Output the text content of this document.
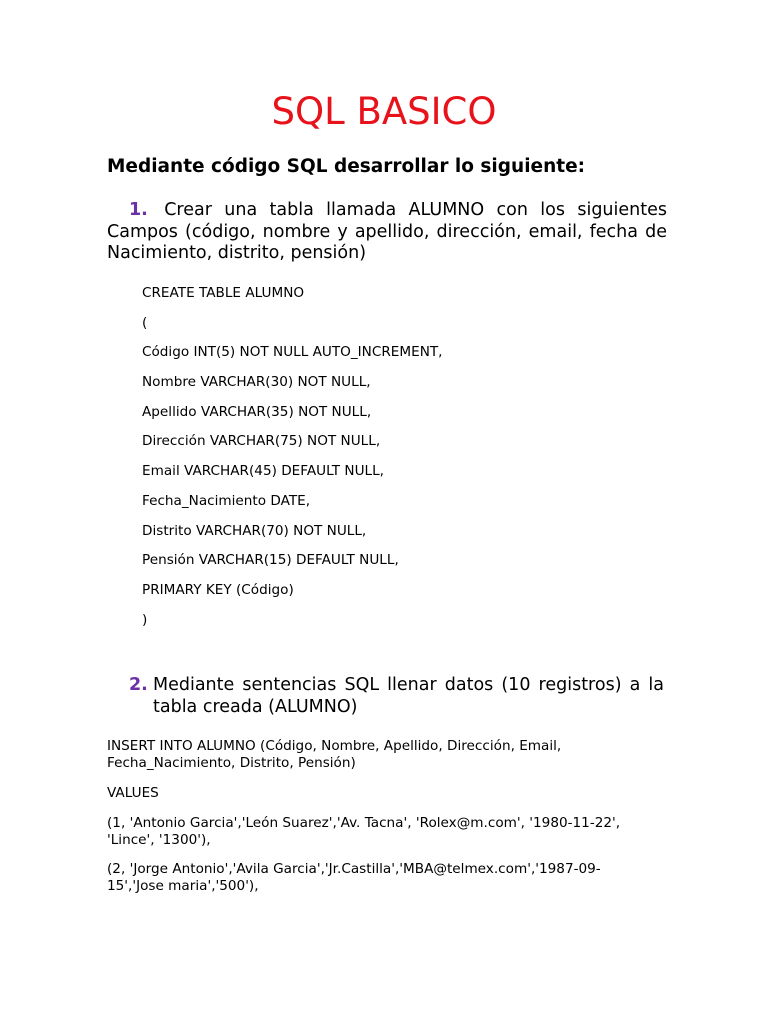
SQL BASICO
Mediante código SQL desarrollar lo siguiente:
1. Crear una tabla llamada ALUMNO con los siguientes Campos (código, nombre y apellido, dirección, email, fecha de Nacimiento, distrito, pensión)
CREATE TABLE ALUMNO
(
Código INT(5) NOT NULL AUTO_INCREMENT,
Nombre VARCHAR(30) NOT NULL,
Apellido VARCHAR(35) NOT NULL,
Dirección VARCHAR(75) NOT NULL,
Email VARCHAR(45) DEFAULT NULL,
Fecha_Nacimiento DATE,
Distrito VARCHAR(70) NOT NULL,
Pensión VARCHAR(15) DEFAULT NULL,
PRIMARY KEY (Código)
)
2. Mediante sentencias SQL llenar datos (10 registros) a la tabla creada (ALUMNO)
INSERT INTO ALUMNO (Código, Nombre, Apellido, Dirección, Email, Fecha_Nacimiento, Distrito, Pensión)
VALUES
(1, 'Antonio Garcia','León Suarez','Av. Tacna', 'Rolex@m.com', '1980-11-22', 'Lince', '1300'),
(2, 'Jorge Antonio','Avila Garcia','Jr.Castilla','MBA@telmex.com','1987-09-15','Jose maria','500'),
